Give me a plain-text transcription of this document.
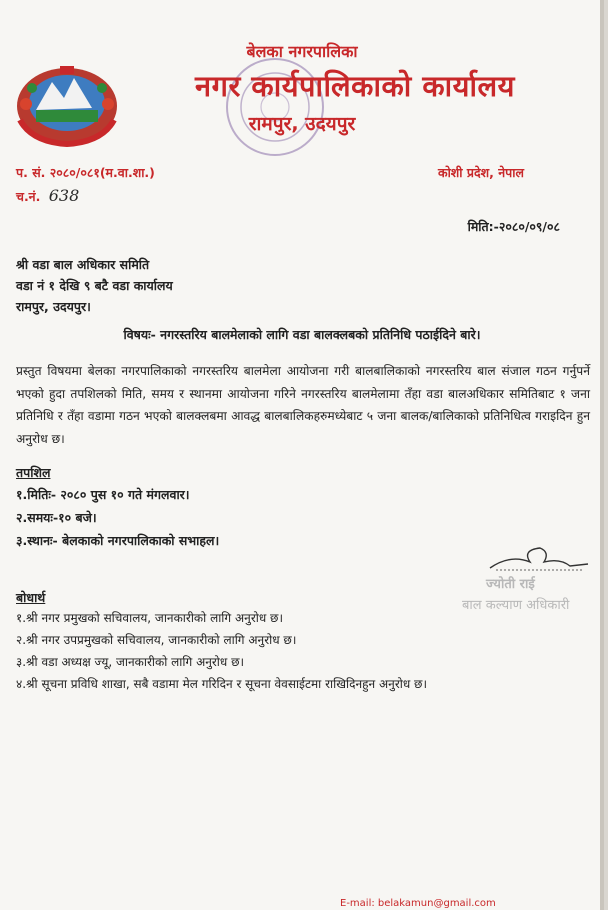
बेलका नगरपालिका
नगर कार्यपालिकाको कार्यालय
रामपुर, उदयपुर
प. सं. २०८०/०८१(म.वा.शा.)	कोशी प्रदेश, नेपाल
च.नं. 638
मिति:-२०८०/०९/०८
श्री वडा बाल अधिकार समिति
वडा नं १ देखि ९ बटै वडा कार्यालय
रामपुर, उदयपुर।
विषयः- नगरस्तरिय बालमेलाको लागि वडा बालक्लबको प्रतिनिधि पठाईदिने बारे।
प्रस्तुत विषयमा बेलका नगरपालिकाको नगरस्तरिय बालमेला आयोजना गरी बालबालिकाको नगरस्तरिय बाल संजाल गठन गर्नुपर्ने भएको हुदा तपशिलको मिति, समय र स्थानमा आयोजना गरिने नगरस्तरिय बालमेलामा तँहा वडा बालअधिकार समितिबाट १ जना प्रतिनिधि र तँहा वडामा गठन भएको बालक्लबमा आवद्ध बालबालिकहरुमध्येबाट ५ जना बालक/बालिकाको प्रतिनिधित्व गराइदिन हुन अनुरोध छ।
तपशिल
१.मितिः- २०८० पुस १० गते मंगलवार।
२.समयः-१० बजे।
३.स्थानः- बेलकाको नगरपालिकाको सभाहल।
ज्योती राई
बाल कल्याण अधिकारी
बोधार्थ
१.श्री नगर प्रमुखको सचिवालय, जानकारीको लागि अनुरोध छ।
२.श्री नगर उपप्रमुखको सचिवालय, जानकारीको लागि अनुरोध छ।
३.श्री वडा अध्यक्ष ज्यू, जानकारीको लागि अनुरोध छ।
४.श्री सूचना प्रविधि शाखा, सबै वडामा मेल गरिदिन र सूचना वेवसाईटमा राखिदिनहुन अनुरोध छ।
E-mail: belakamun@gmail.com
